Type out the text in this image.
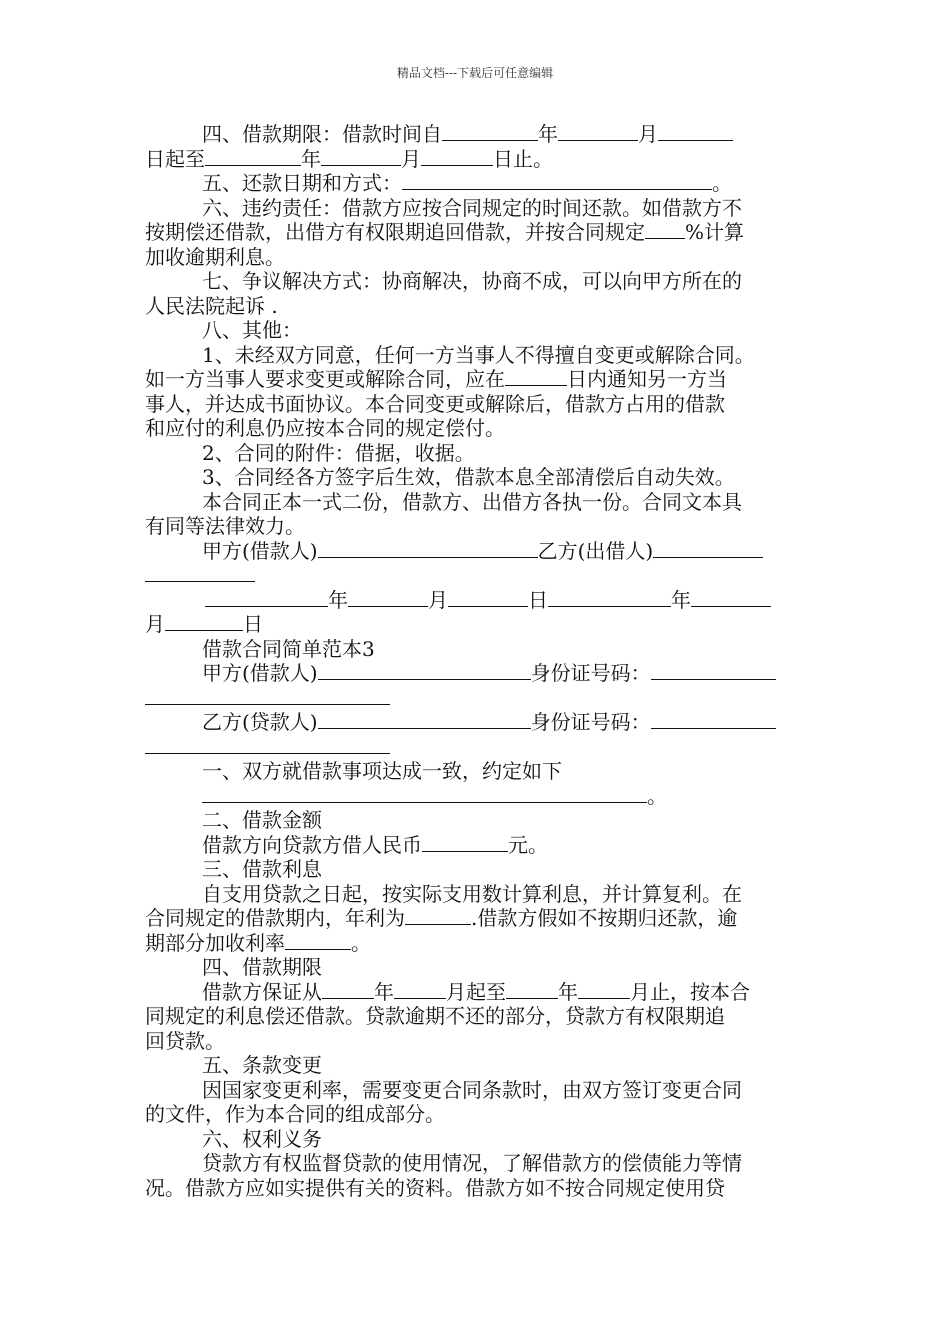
精品文档---下载后可任意编辑
四、借款期限：借款时间自	年	月
日起至	年	月	日止。
五、还款日期和方式：	。
六、违约责任：借款方应按合同规定的时间还款。如借款方不
按期偿还借款，出借方有权限期追回借款，并按合同规定 %计算
加收逾期利息。
七、争议解决方式：协商解决，协商不成，可以向甲方所在的
人民法院起诉 .
八、其他：
1、未经双方同意，任何一方当事人不得擅自变更或解除合同。
如一方当事人要求变更或解除合同，应在	日内通知另一方当
事人，并达成书面协议。本合同变更或解除后，借款方占用的借款
和应付的利息仍应按本合同的规定偿付。
2、合同的附件：借据，收据。
3、合同经各方签字后生效，借款本息全部清偿后自动失效。
本合同正本一式二份，借款方、出借方各执一份。合同文本具
有同等法律效力。
甲方(借款人)	乙方(出借人)
年	月	日	年
月	日
借款合同简单范本3
甲方(借款人)	身份证号码：
乙方(贷款人)	身份证号码：
一、双方就借款事项达成一致，约定如下
。
二、借款金额
借款方向贷款方借人民币	元。
三、借款利息
自支用贷款之日起，按实际支用数计算利息，并计算复利。在
合同规定的借款期内，年利为	.借款方假如不按期归还款，逾
期部分加收利率	。
四、借款期限
借款方保证从	年	月起至	年	月止，按本合
同规定的利息偿还借款。贷款逾期不还的部分，贷款方有权限期追
回贷款。
五、条款变更
因国家变更利率，需要变更合同条款时，由双方签订变更合同
的文件，作为本合同的组成部分。
六、权利义务
贷款方有权监督贷款的使用情况，了解借款方的偿债能力等情
况。借款方应如实提供有关的资料。借款方如不按合同规定使用贷
